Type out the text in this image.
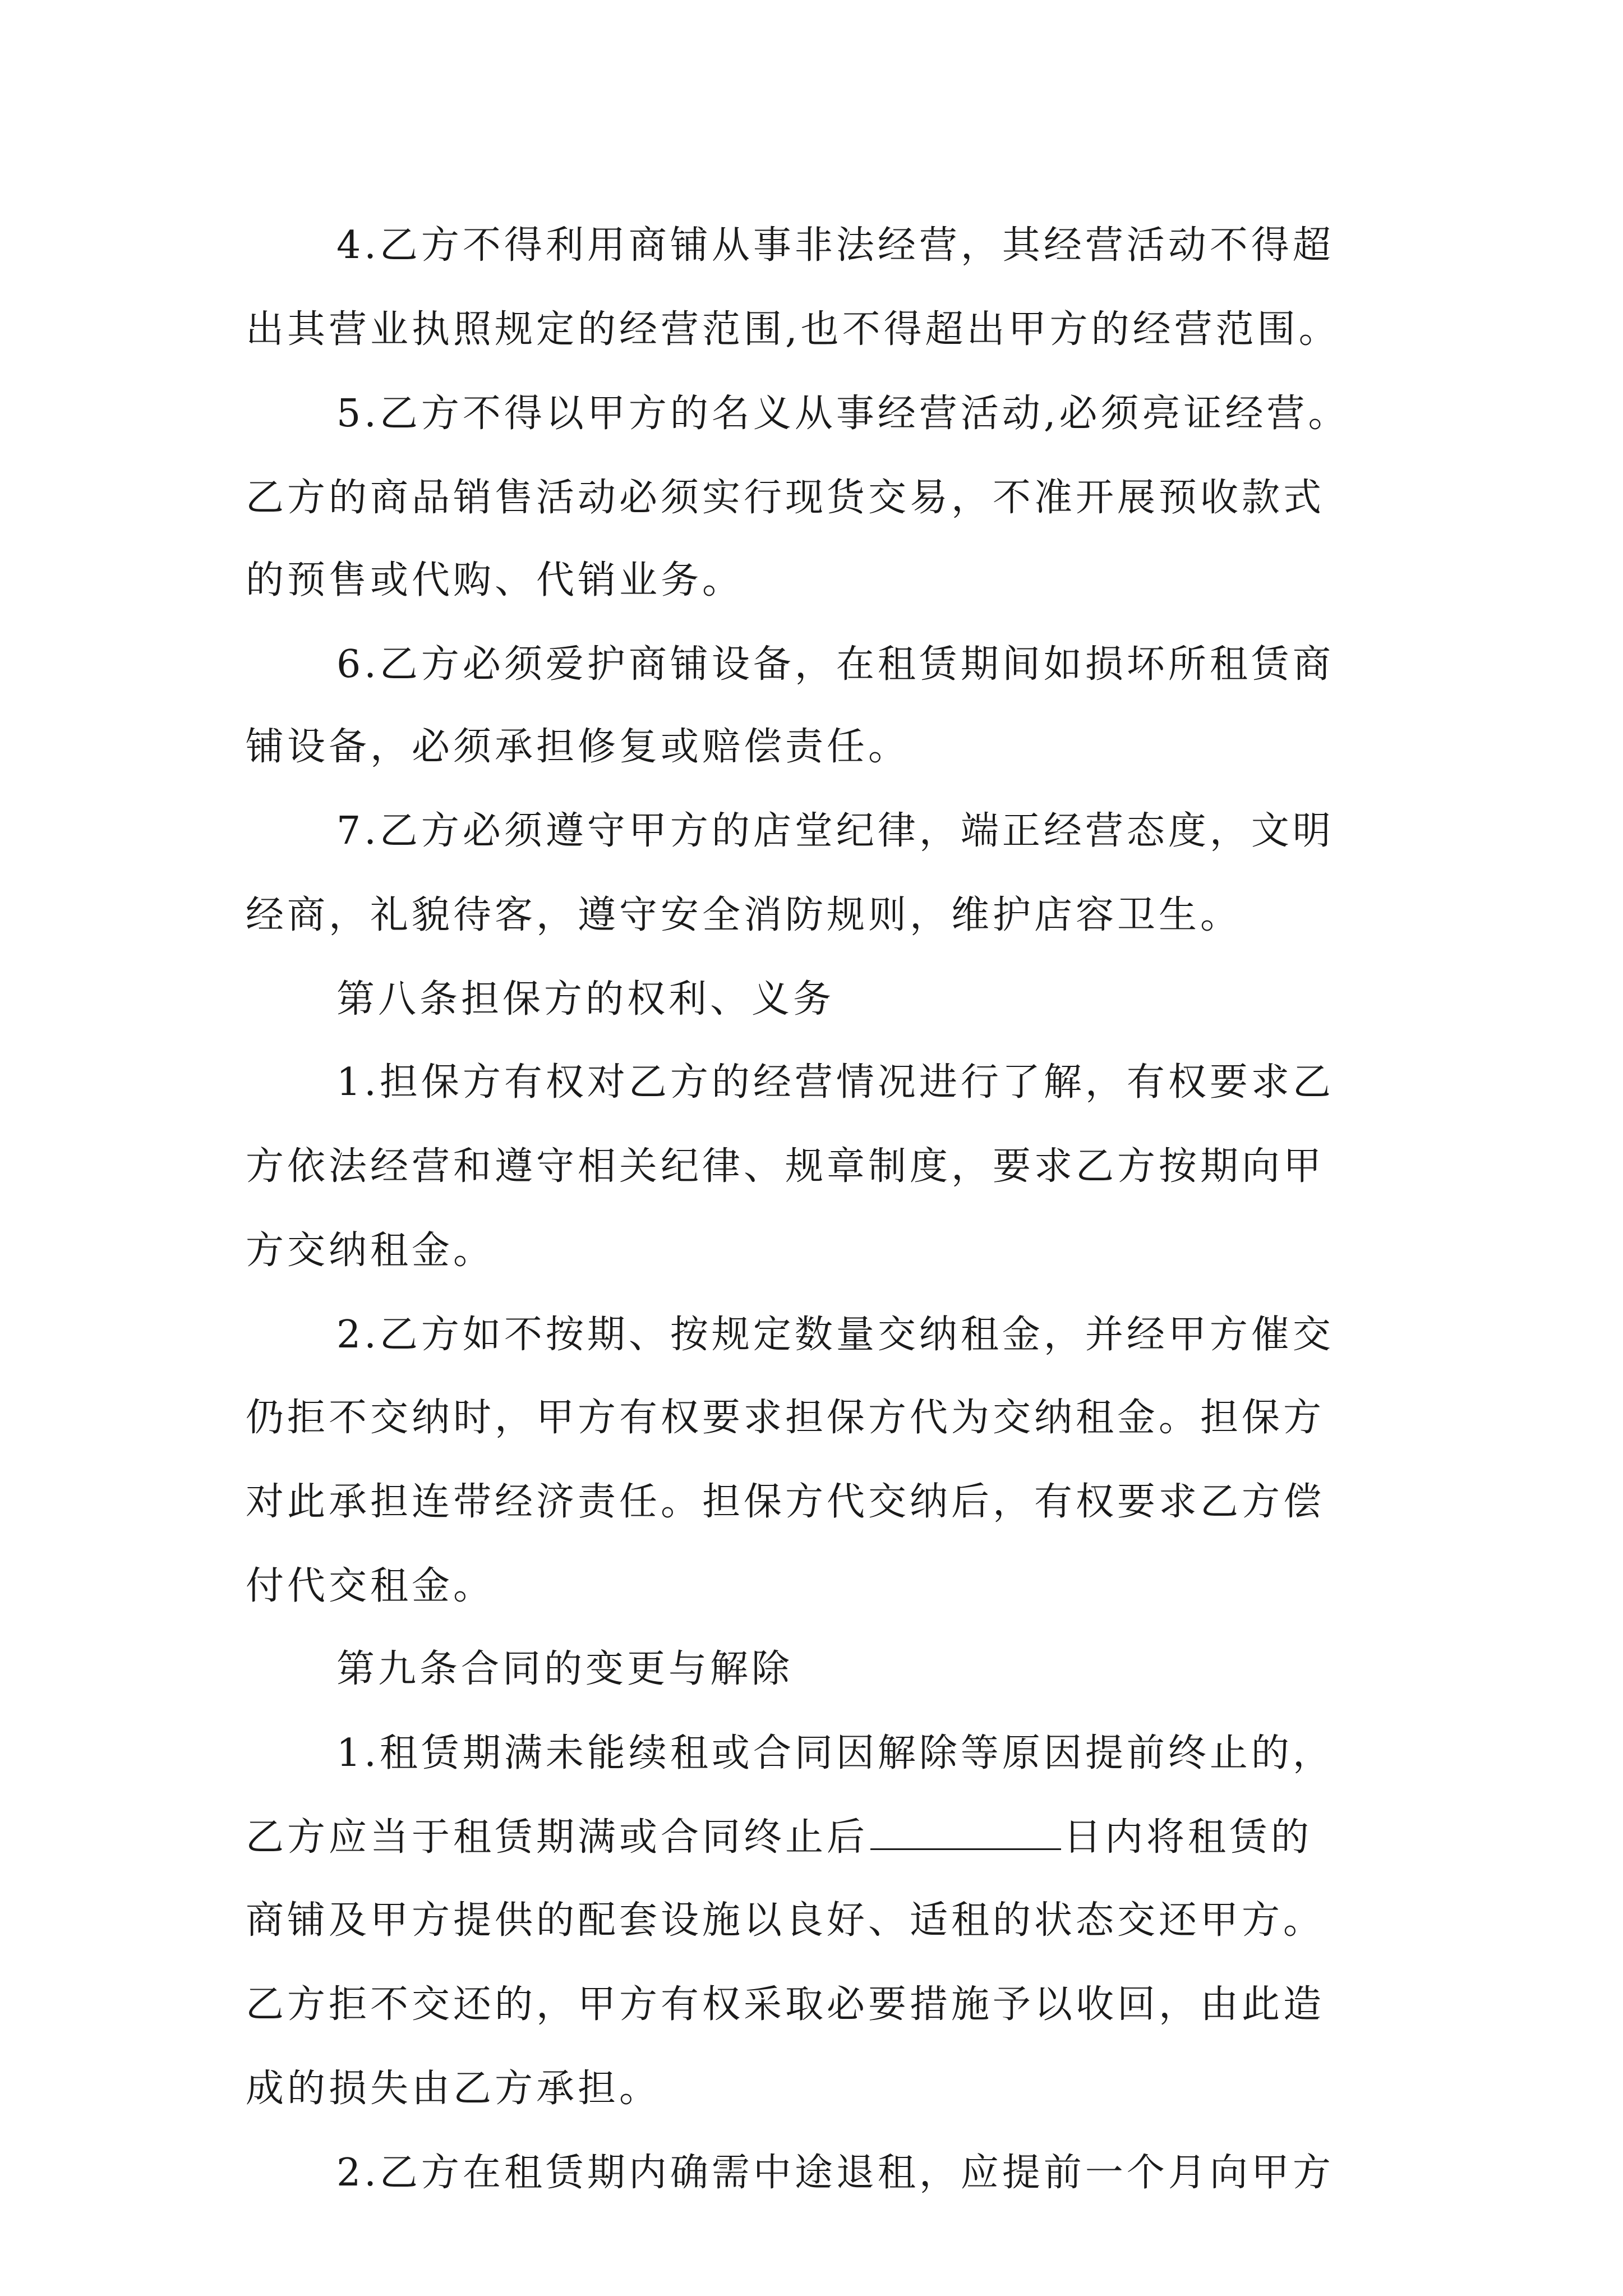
4.乙方不得利用商铺从事非法经营，其经营活动不得超
出其营业执照规定的经营范围,也不得超出甲方的经营范围。
5.乙方不得以甲方的名义从事经营活动,必须亮证经营。
乙方的商品销售活动必须实行现货交易，不准开展预收款式
的预售或代购、代销业务。
6.乙方必须爱护商铺设备，在租赁期间如损坏所租赁商
铺设备，必须承担修复或赔偿责任。
7.乙方必须遵守甲方的店堂纪律，端正经营态度，文明
经商，礼貌待客，遵守安全消防规则，维护店容卫生。
第八条担保方的权利、义务
1.担保方有权对乙方的经营情况进行了解，有权要求乙
方依法经营和遵守相关纪律、规章制度，要求乙方按期向甲
方交纳租金。
2.乙方如不按期、按规定数量交纳租金，并经甲方催交
仍拒不交纳时，甲方有权要求担保方代为交纳租金。担保方
对此承担连带经济责任。担保方代交纳后，有权要求乙方偿
付代交租金。
第九条合同的变更与解除
1.租赁期满未能续租或合同因解除等原因提前终止的，
乙方应当于租赁期满或合同终止后	日内将租赁的
商铺及甲方提供的配套设施以良好、适租的状态交还甲方。
乙方拒不交还的，甲方有权采取必要措施予以收回，由此造
成的损失由乙方承担。
2.乙方在租赁期内确需中途退租，应提前一个月向甲方
